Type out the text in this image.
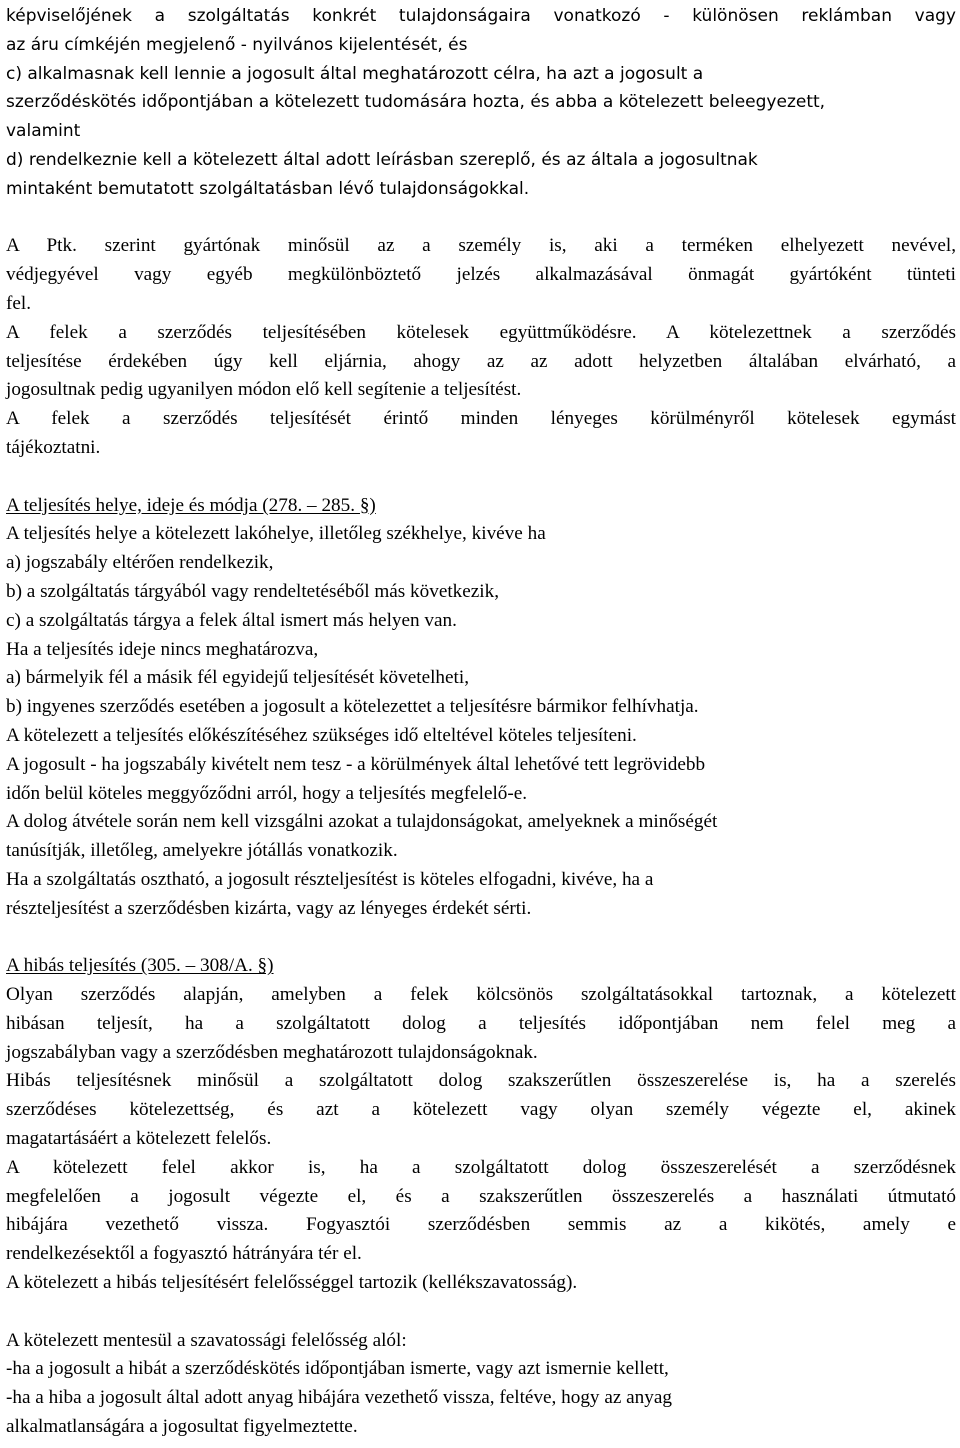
képviselőjének a szolgáltatás konkrét tulajdonságaira vonatkozó - különösen reklámban vagy
az áru címkéjén megjelenő - nyilvános kijelentését, és
c) alkalmasnak kell lennie a jogosult által meghatározott célra, ha azt a jogosult a
szerződéskötés időpontjában a kötelezett tudomására hozta, és abba a kötelezett beleegyezett,
valamint
d) rendelkeznie kell a kötelezett által adott leírásban szereplő, és az általa a jogosultnak
mintaként bemutatott szolgáltatásban lévő tulajdonságokkal.
A Ptk. szerint gyártónak minősül az a személy is, aki a terméken elhelyezett nevével,
védjegyével vagy egyéb megkülönböztető jelzés alkalmazásával önmagát gyártóként tünteti
fel.
A felek a szerződés teljesítésében kötelesek együttműködésre. A kötelezettnek a szerződés
teljesítése érdekében úgy kell eljárnia, ahogy az az adott helyzetben általában elvárható, a
jogosultnak pedig ugyanilyen módon elő kell segítenie a teljesítést.
A felek a szerződés teljesítését érintő minden lényeges körülményről kötelesek egymást
tájékoztatni.
A teljesítés helye, ideje és módja (278. – 285. §)
A teljesítés helye a kötelezett lakóhelye, illetőleg székhelye, kivéve ha
a) jogszabály eltérően rendelkezik,
b) a szolgáltatás tárgyából vagy rendeltetéséből más következik,
c) a szolgáltatás tárgya a felek által ismert más helyen van.
Ha a teljesítés ideje nincs meghatározva,
a) bármelyik fél a másik fél egyidejű teljesítését követelheti,
b) ingyenes szerződés esetében a jogosult a kötelezettet a teljesítésre bármikor felhívhatja.
A kötelezett a teljesítés előkészítéséhez szükséges idő elteltével köteles teljesíteni.
A jogosult - ha jogszabály kivételt nem tesz - a körülmények által lehetővé tett legrövidebb
időn belül köteles meggyőződni arról, hogy a teljesítés megfelelő-e.
A dolog átvétele során nem kell vizsgálni azokat a tulajdonságokat, amelyeknek a minőségét
tanúsítják, illetőleg, amelyekre jótállás vonatkozik.
Ha a szolgáltatás osztható, a jogosult részteljesítést is köteles elfogadni, kivéve, ha a
részteljesítést a szerződésben kizárta, vagy az lényeges érdekét sérti.
A hibás teljesítés (305. – 308/A. §)
Olyan szerződés alapján, amelyben a felek kölcsönös szolgáltatásokkal tartoznak, a kötelezett
hibásan teljesít, ha a szolgáltatott dolog a teljesítés időpontjában nem felel meg a
jogszabályban vagy a szerződésben meghatározott tulajdonságoknak.
Hibás teljesítésnek minősül a szolgáltatott dolog szakszerűtlen összeszerelése is, ha a szerelés
szerződéses kötelezettség, és azt a kötelezett vagy olyan személy végezte el, akinek
magatartásáért a kötelezett felelős.
A kötelezett felel akkor is, ha a szolgáltatott dolog összeszerelését a szerződésnek
megfelelően a jogosult végezte el, és a szakszerűtlen összeszerelés a használati útmutató
hibájára vezethető vissza. Fogyasztói szerződésben semmis az a kikötés, amely e
rendelkezésektől a fogyasztó hátrányára tér el.
A kötelezett a hibás teljesítésért felelősséggel tartozik (kellékszavatosság).
A kötelezett mentesül a szavatossági felelősség alól:
-ha a jogosult a hibát a szerződéskötés időpontjában ismerte, vagy azt ismernie kellett,
-ha a hiba a jogosult által adott anyag hibájára vezethető vissza, feltéve, hogy az anyag
alkalmatlanságára a jogosultat figyelmeztette.
